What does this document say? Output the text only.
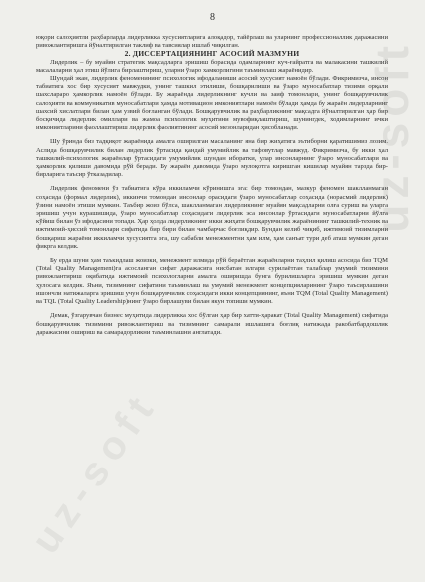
uz-soft
uz-soft
8

юқори салоҳиятли раҳбарларда лидерликка хусусиятларига алоқадор, тайёрлаш ва уларнинг профессионаллик даражасини ривожлантиришга йўналтирилган таклиф ва тавсиялар ишлаб чиқилган.

2. ДИССЕРТАЦИЯНИНГ АСОСИЙ МАЗМУНИ

Лидерлик – бу муайян стратегик мақсадларга эришиш борасида одамларнинг куч-ғайратга ва малакасини ташкилий масалаларни ҳал этиш йўлига бирлаштириш, уларни ўзаро хамкорлигини таъминлаш жараёнидир.

Шундай экан, лидерлик феноменининг психологик ифодаланиши асосий хусусият намоён бўлади. Фикримизча, инсон табиатига хос бир хусусият мавжудки, унинг ташкил этилиши, бошқарилиши ва ўзаро муносабатлар тизими орқали шахслараро ҳамкорлик намоён бўлади. Бу жараёнда лидерликнинг кучли ва заиф томонлари, унинг бошқарувчилик салоҳияти ва коммуникатив муносабатлари ҳамда мотивацион имкониятлари намоён бўлади ҳамда бу жараён лидерларнинг шахсий хислатлари билан ҳам узвий боғланган бўлади. Бошқарувчилик ва раҳбарликнинг мақсадга йўналтирилган ҳар бир босқичида лидерлик омиллари ва жамоа психологик муҳитини мувофиқлаштириш, шунингдек, ходимларнинг ички имкониятларини фаоллаштириш лидерлик фаолиятининг асосий мезонларидан ҳисобланади.

Шу ўринда биз тадқиқот жараёнида амалга оширилган масаланинг яна бир жиҳатига эътиборни қаратишимиз лозим. Аслида бошқарувчилик билан лидерлик ўртасида қандай умумийлик ва тафовутлар мавжуд. Фикримизча, бу икки ҳал ташкилий-психологик жараёнлар ўртасидаги умумийлик шундан иборатки, улар инсонларнинг ўзаро муносабатлари ва ҳамкорлик қилиши давомида рўй беради. Бу жараён давомида ўзаро мулоқотга киришган кишилар муайян тарзда бир-бирларига таъсир ўтказадилар.

Лидерлик феномени ўз табиатига кўра иккиламчи кўринишга эга: бир томондан, мазкур феномен шаклланмаган соҳасида (формал лидерлик), иккинчи томондан инсонлар орасидаги ўзаро муносабатлар соҳасида (норасмий лидерлик) ўзини намоён этиши мумкин. Таъбир жоиз бўлса, шаклланмаган лидерликнинг муайян мақсадларни олға суриш ва уларга эришиш учун курашишида, ўзаро муносабатлар соҳасидаги лидерлик эса инсонлар ўртасидаги муносабатларни йўлга кўйиш билан ўз ифодасини топади. Ҳар ҳолда лидерликнинг икки жиҳати бошқарувчилик жараёнининг ташкилий-техник ва ижтимоий-ҳиссий томонлари сифатида бир бири билан чамбарчас боғлиқдир. Бундан келиб чиқиб, ижтимоий тизимларни бошқариш жараёни иккиламчи хусусиятга эга, шу сабабли менежментни ҳам илм, ҳам санъат тури деб аташ мумкин деган фикрга келдик.

Бу ерда шуни ҳам таъкидлаш жоизки, менежмент илмида рўй бераётган жараёнларни таҳлил қилиш асосида биз TQM (Total Quality Management)га асосланган сифат даражасига нисбатан илгари сурилаётган талаблар умумий тизимини ривожлантириш оқибатида ижтимоий психологларни амалга оширишда бунга бурилишларга эришиш мумкин деган ҳулосага келдик. Яъни, тизимнинг сифатини таъминлаш ва умумий менежмент концепцияларининг ўзаро таъсирлашини ишончли натижаларга эришиш учун бошқарувчилик соҳасидаги икки концепциянинг, яъни TQM (Total Quality Management) ва TQL (Total Quality Leadership)нинг ўзаро бирлашуви билан якун топиши мумкин.

Демак, ўзгарувчан бизнес муҳитида лидерликка хос бўлган ҳар бир хатти-ҳаракат (Total Quality Management) сифатида бошқарувчилик тизимини ривожлантириш ва тизимнинг самарали ишлашига боғлиқ натижада ракобатбардошлик даражасини ошириш ва самарадорликни таъминлашни англатади.
